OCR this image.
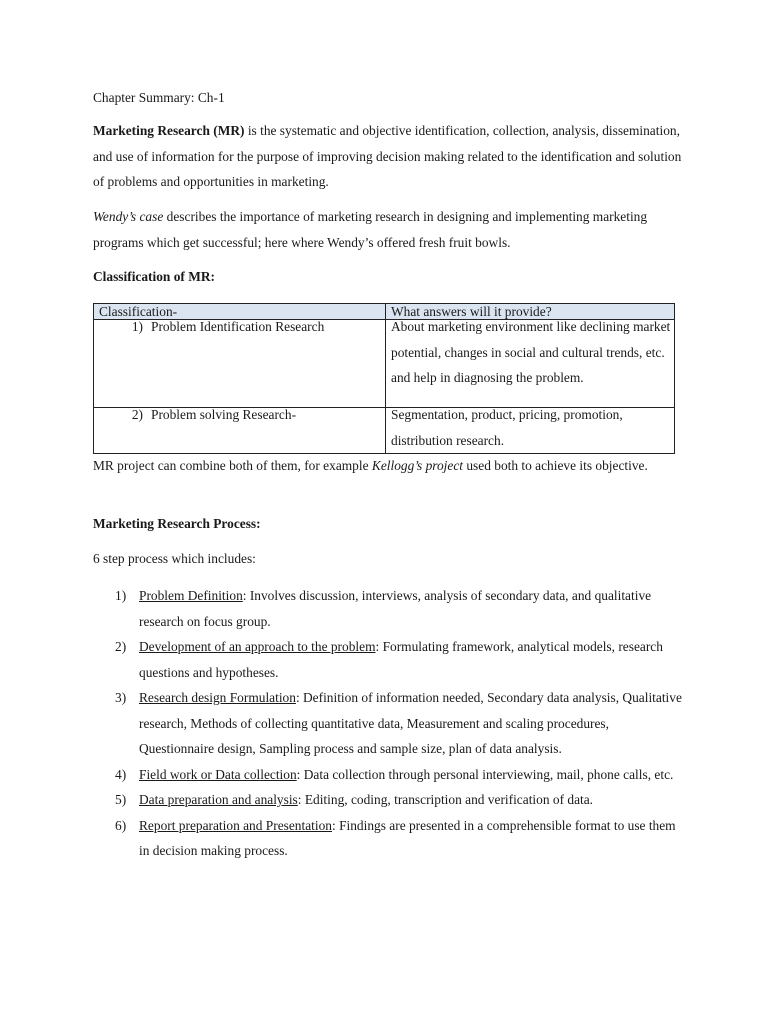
Chapter Summary: Ch-1

Marketing Research (MR) is the systematic and objective identification, collection, analysis, dissemination, and use of information for the purpose of improving decision making related to the identification and solution of problems and opportunities in marketing.

Wendy’s case describes the importance of marketing research in designing and implementing marketing programs which get successful; here where Wendy’s offered fresh fruit bowls.

Classification of MR:

Classification-	What answers will it provide?

1) Problem Identification Research	About marketing environment like declining market potential, changes in social and cultural trends, etc. and help in diagnosing the problem.

2) Problem solving Research-	Segmentation, product, pricing, promotion, distribution research.

MR project can combine both of them, for example Kellogg’s project used both to achieve its objective.

Marketing Research Process:

6 step process which includes:

1) Problem Definition: Involves discussion, interviews, analysis of secondary data, and qualitative research on focus group.
2) Development of an approach to the problem: Formulating framework, analytical models, research questions and hypotheses.
3) Research design Formulation: Definition of information needed, Secondary data analysis, Qualitative research, Methods of collecting quantitative data, Measurement and scaling procedures, Questionnaire design, Sampling process and sample size, plan of data analysis.
4) Field work or Data collection: Data collection through personal interviewing, mail, phone calls, etc.
5) Data preparation and analysis: Editing, coding, transcription and verification of data.
6) Report preparation and Presentation: Findings are presented in a comprehensible format to use them in decision making process.
